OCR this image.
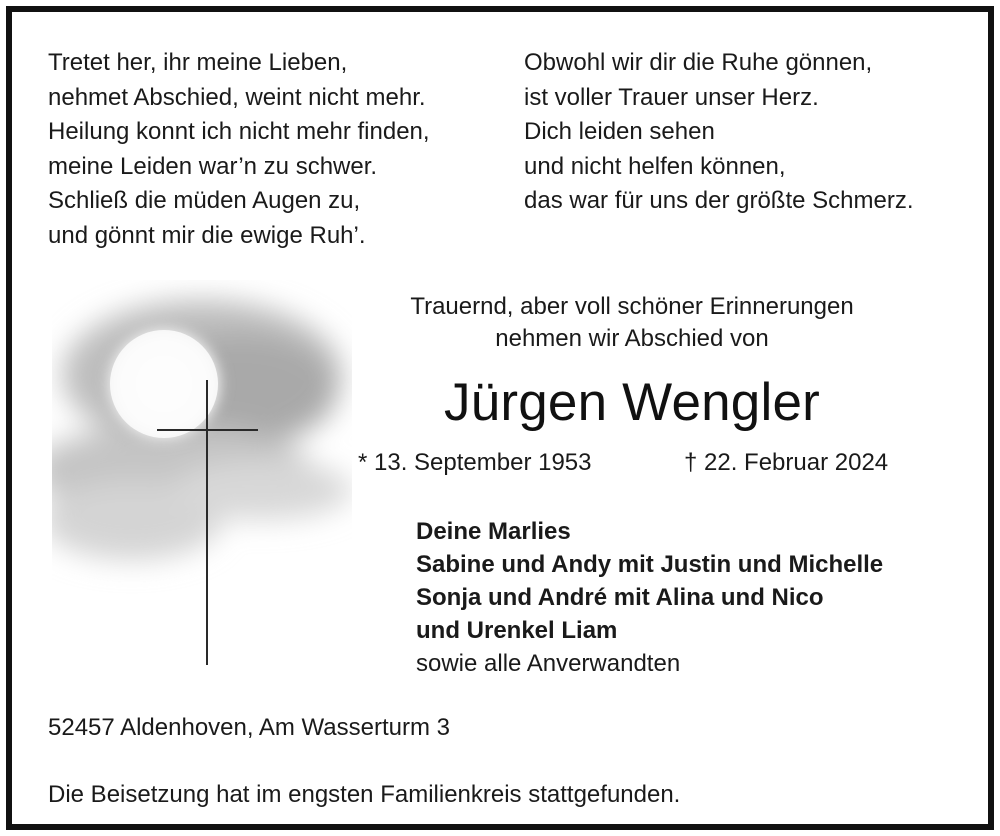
Tretet her, ihr meine Lieben,
nehmet Abschied, weint nicht mehr.
Heilung konnt ich nicht mehr finden,
meine Leiden war’n zu schwer.
Schließ die müden Augen zu,
und gönnt mir die ewige Ruh’.
Obwohl wir dir die Ruhe gönnen,
ist voller Trauer unser Herz.
Dich leiden sehen
und nicht helfen können,
das war für uns der größte Schmerz.
Trauernd, aber voll schöner Erinnerungen
nehmen wir Abschied von
Jürgen Wengler
* 13. September 1953	† 22. Februar 2024
Deine Marlies
Sabine und Andy mit Justin und Michelle
Sonja und André mit Alina und Nico
und Urenkel Liam
sowie alle Anverwandten
52457 Aldenhoven, Am Wasserturm 3
Die Beisetzung hat im engsten Familienkreis stattgefunden.
